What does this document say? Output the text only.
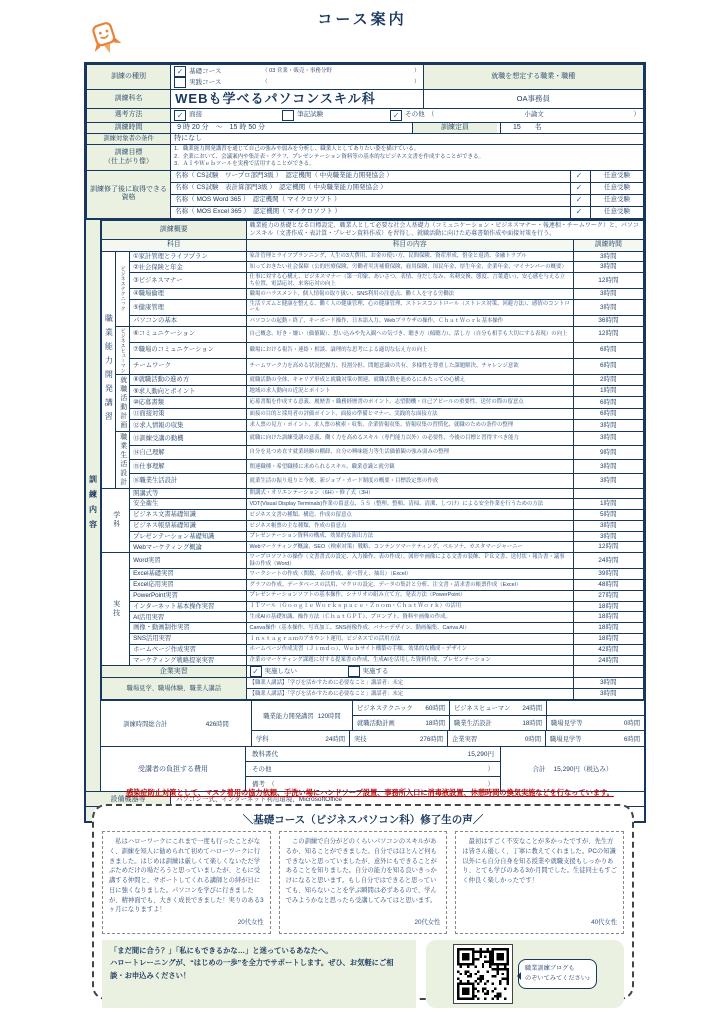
コース案内
訓練の種別	
✓ 基礎コース	（ 03 営業・販売・事務分野	）
実践コース	（	）
	就職を想定する職業・職種
訓練科名	WEBも学べるパソコンスキル科	OA事務員
選考方法	✓ 面接	筆記試験	✓ その他　（	小論文	）

訓練時間	9 時 20 分　～　15 時 50 分 訓練定員 15　　名	

訓練対象者の条件	特になし	

訓練目標
（仕上がり像）

1．職業能力開発講習を通じて自己の強みや弱みを分析し、職業人としてありたい姿を描けている。
2．企業において、会議案内や集計表・グラフ、プレゼンテーション資料等の基本的なビジネス文書を作成することができる。
3．ＡＩやＷｅｂツールを実務で活用することができる。

訓練修了後に取得できる資格	名称（ CS試験　ワープロ部門3級 ）　認定機関（ 中央職業能力開発協会 ） ✓ 任意受験	

	名称（ CS試験　表計算部門3級 ）　認定機関（ 中央職業能力開発協会 ） ✓ 任意受験	

	名称（ MOS Word 365 ）　認定機関（ マイクロソフト ） ✓ 任意受験	

	名称（ MOS Excel 365 ）　認定機関（ マイクロソフト ） ✓ 任意受験	
訓練内容
訓練概要			職業能力の基礎となる目標設定、職業人として必要な社会人基礎力（コミュニケーション・ビジネスマナー・報連相・チームワーク）と、パソコンスキル（文書作成・表計算・プレゼン資料作成）を習得し、就職活動に向けた応募書類作成や面接対策を行う。	
科目			科目の内容	訓練時間
職業能力開発講習	ビジネステクニック	①家計管理とライフプラン	家計管理とライフプランニング、人生の3大費用、お金の使い方、民間保険、資産形成、借金と返済、金融トラブル	3時間
		②社会保険と年金	知っておきたい社会保障（公的医療保険、労働者災害補償保険、雇用保険、国民年金、厚生年金、企業年金、マイナンバーの概要）	3時間
		③ビジネスマナー	仕事に対する心構え、ビジネスマナー（第一印象、あいさつ、表情、身だしなみ、名刺交換、態度、言葉遣い）、安心感を与える立ち位置、電話応対、来客応対の向上	12時間
		④職場倫理	職場のハラスメント、個人情報の取り扱い、SNS利用の注意点、働く人を守る労働法	3時間
		⑤健康管理	生活リズムと健康を整える、働く人の健康管理、心の健康管理、ストレスコントロール（ストレス対策、回避方法）、感情のコントロール	3時間
		パソコンの基本	パソコンの起動・終了、キーボード操作、日本語入力、Webブラウザの操作、ＣｈａｔＷｏｒｋ基本操作	36時間
	ビジネスヒューマン	⑥コミュニケーション	自己概念、好き・嫌い（価値観）、思い込みや先入観への気づき、聴き方（傾聴力）、話し方（自分も相手も大切にする表現）の向上	12時間
		⑦職場のコミュニケーション	職場における報告・連絡・相談、論理的な思考による適切な伝え方の向上	6時間
		チームワーク	チームワーク力を高める状況把握力、役割分担、問題意識の共有、多様性を尊重した課題解決、チャレンジ意欲	6時間
	就職活動計画	⑧就職活動の進め方	就職活動の全体、キャリア形成と就職対策の関連、就職活動を進めるにあたっての心構え	2時間
		⑨求人動向とポイント	地域の求人動向の近況とポイント	1時間
		⑩応募書類	応募書類を作成する意義、履歴書・職務経歴書のポイント、志望動機・自己アピールの重要性、送付の際の留意点	6時間
		⑪面接対策	面接の目的と採用者の評価ポイント、面接の準備とマナー、実践的な面接方法	6時間
		⑫求人情報の収集	求人票の見方・ポイント、求人票の検索・収集、企業情報収集、情報収集の習慣化、就職のための条件の整理	3時間
	職業生活設計	⑬訓練受講の動機	就職に向けた訓練受講の意義、働く力を高めるスキル（専門能力以外）の必要性、今後の目標と習得すべき能力	3時間
		⑭自己理解	自分を見つめ直す就業経験の棚卸、自分の興味能力等生活価値観の強み弱みの整理	9時間
		⑮仕事理解	関連職種・希望職種に求められるスキル、職業意識と就労観	3時間
		⑯職業生活設計	就業生活の振り返りと今後、新ジョブ・カード制度の概要・目標設定票の作成	3時間
学科		開講式等	開講式・オリエンテーション（6H）・修了式（3H）	
		安全衛生	VDT(Visual Display Terminals)作業の留意点、５Ｓ（整理、整頓、清掃、清潔、しつけ）による安全作業を行うための方法	1時間
		ビジネス文書基礎知識	ビジネス文書の種類、構造、作成の留意点	5時間
		ビジネス帳票基礎知識	ビジネス帳票の主な種類、作成の留意点	3時間
		プレゼンテーション基礎知識	プレゼンテーション資料の構成、効果的な演出方法	3時間
		Webマーケティング概論	Webマーケティング概論、SEO（検索対策）戦略、コンテンツマーケティング、ペルソナ、カスタマージャーニー	12時間
実技		Word実習	ワープロソフトの操作（文書書式の設定、入力操作、表の作成）、図形や画像による文書の装飾、ＰＲ文書、送付状・報告書・議事録の作成（Word）	24時間
		Excel基礎実習	ワークシートの作成（関数、表の作成、並べ替え、抽出）（Excel）	39時間
		Excel応用実習	グラフの作成、データベースの活用、マクロの設定、データの集計と分析、注文書・請求書の帳票作成（Excel）	48時間
		PowerPoint実習	プレゼンテーションソフトの基本操作、シナリオの組み立て方、発表方法（PowerPoint）	27時間
		インターネット基本操作実習	ＩＴツール（Ｇｏｏｇｌｅ Ｗｏｒｋｓｐａｃｅ・Ｚｏｏｍ・ＣｈａｔＷｏｒｋ）の活用	18時間
		AI活用実習	生成AIの基礎知識、操作方法（ＣｈａｔＧＰＴ）、プロンプト、資料や画像の作成。	18時間
		画像・動画制作実習	Canva操作（基本操作、写真加工、SNS画像作成、バナーデザイン、動画編集、Canva AI）	18時間
		SNS活用実習	Ｉｎｓｔａｇｒａｍのアカウント運用、ビジネスでの活用方法	18時間
		ホームページ作成実習	ホームページ作成実習（Ｊｉｍｄｏ）、Ｗｅｂサイト構築の手順、効果的な構成・デザイン	42時間
		マーケティング戦略提案実習	企業のマーケティング課題に対する提案書の作成、生成AIを活用した資料作成、プレゼンテーション	24時間
企業実習			✓ 実施しない 実施する	

職場見学、職場体験、職業人講話			【職業人講話】「学びを活かすために必要なこと」講話者：未定	3時間
			【職業人講話】「学びを活かすために必要なこと」講話者：未定	3時間
訓練時間総合計	426時間
職業能力開発講習 120時間
ビジネステクニック 60時間 ビジネスヒューマン 24時間
就職活動計画	18時間 職業生活設計	18時間 職場見学等	0時間
学科	24時間 実技	276時間 企業実習	0時間 職場見学等	6時間
受講者の負担する費用
教科書代	15,290円
その他	）
備考　（	）
合計 15,290円（税込み）
設備機器等	パソコン一式、インターネット利用環境、MicrosoftOffice
感染症防止対策として、マスク着用の協力依頼、手洗い場にハンドソープ設置、事務所入口に消毒液設置、休憩時間の換気実施などを行なっています。
＼基礎コース（ビジネスパソコン科）修了生の声／
　私はハローワークにこれまで一度も行ったことがなく、訓練を知人に勧められて初めてハローワークに行きました。はじめは訓練は厳しくて楽しくないただ学ぶためだけの場だろうと思っていましたが、ともに受講する仲間と、サポートしてくれる講師との絆が日に日に強くなりました。パソコンを学びに行きましたが、精神面でも、大きく成長できました！実りのある3ヶ月になりますよ！
20代女性
　この訓練で自分がどのくらいパソコンのスキルがあるか、知ることができました。自分ではほとんど何もできないと思っていましたが、意外にもできることがあることを知りました。自分の能力を知る良いきっかけになると思います。もし自分ではできると思っていても、知らないことを学ぶ瞬間は必ずあるので、学んでみようかなと思ったら受講してみてはと思います。
20代女性
　最初はすごく不安なことが多かったですが、先生方は皆さん優しく、丁寧に教えてくれました。PCの知識以外にも自分自身を知る授業や就職支援もしっかりあり、とても学びのある3か月間でした。生徒同士もすごく仲良く楽しかったです！
40代女性
「まだ間に合う？」「私にもできるかな…」と迷っているあなたへ。
ハロートレーニングが、“はじめの一歩”を全力でサポートします。ぜひ、お気軽にご相談・お申込みください！
職業訓練ブログも
のぞいてみてください♪
